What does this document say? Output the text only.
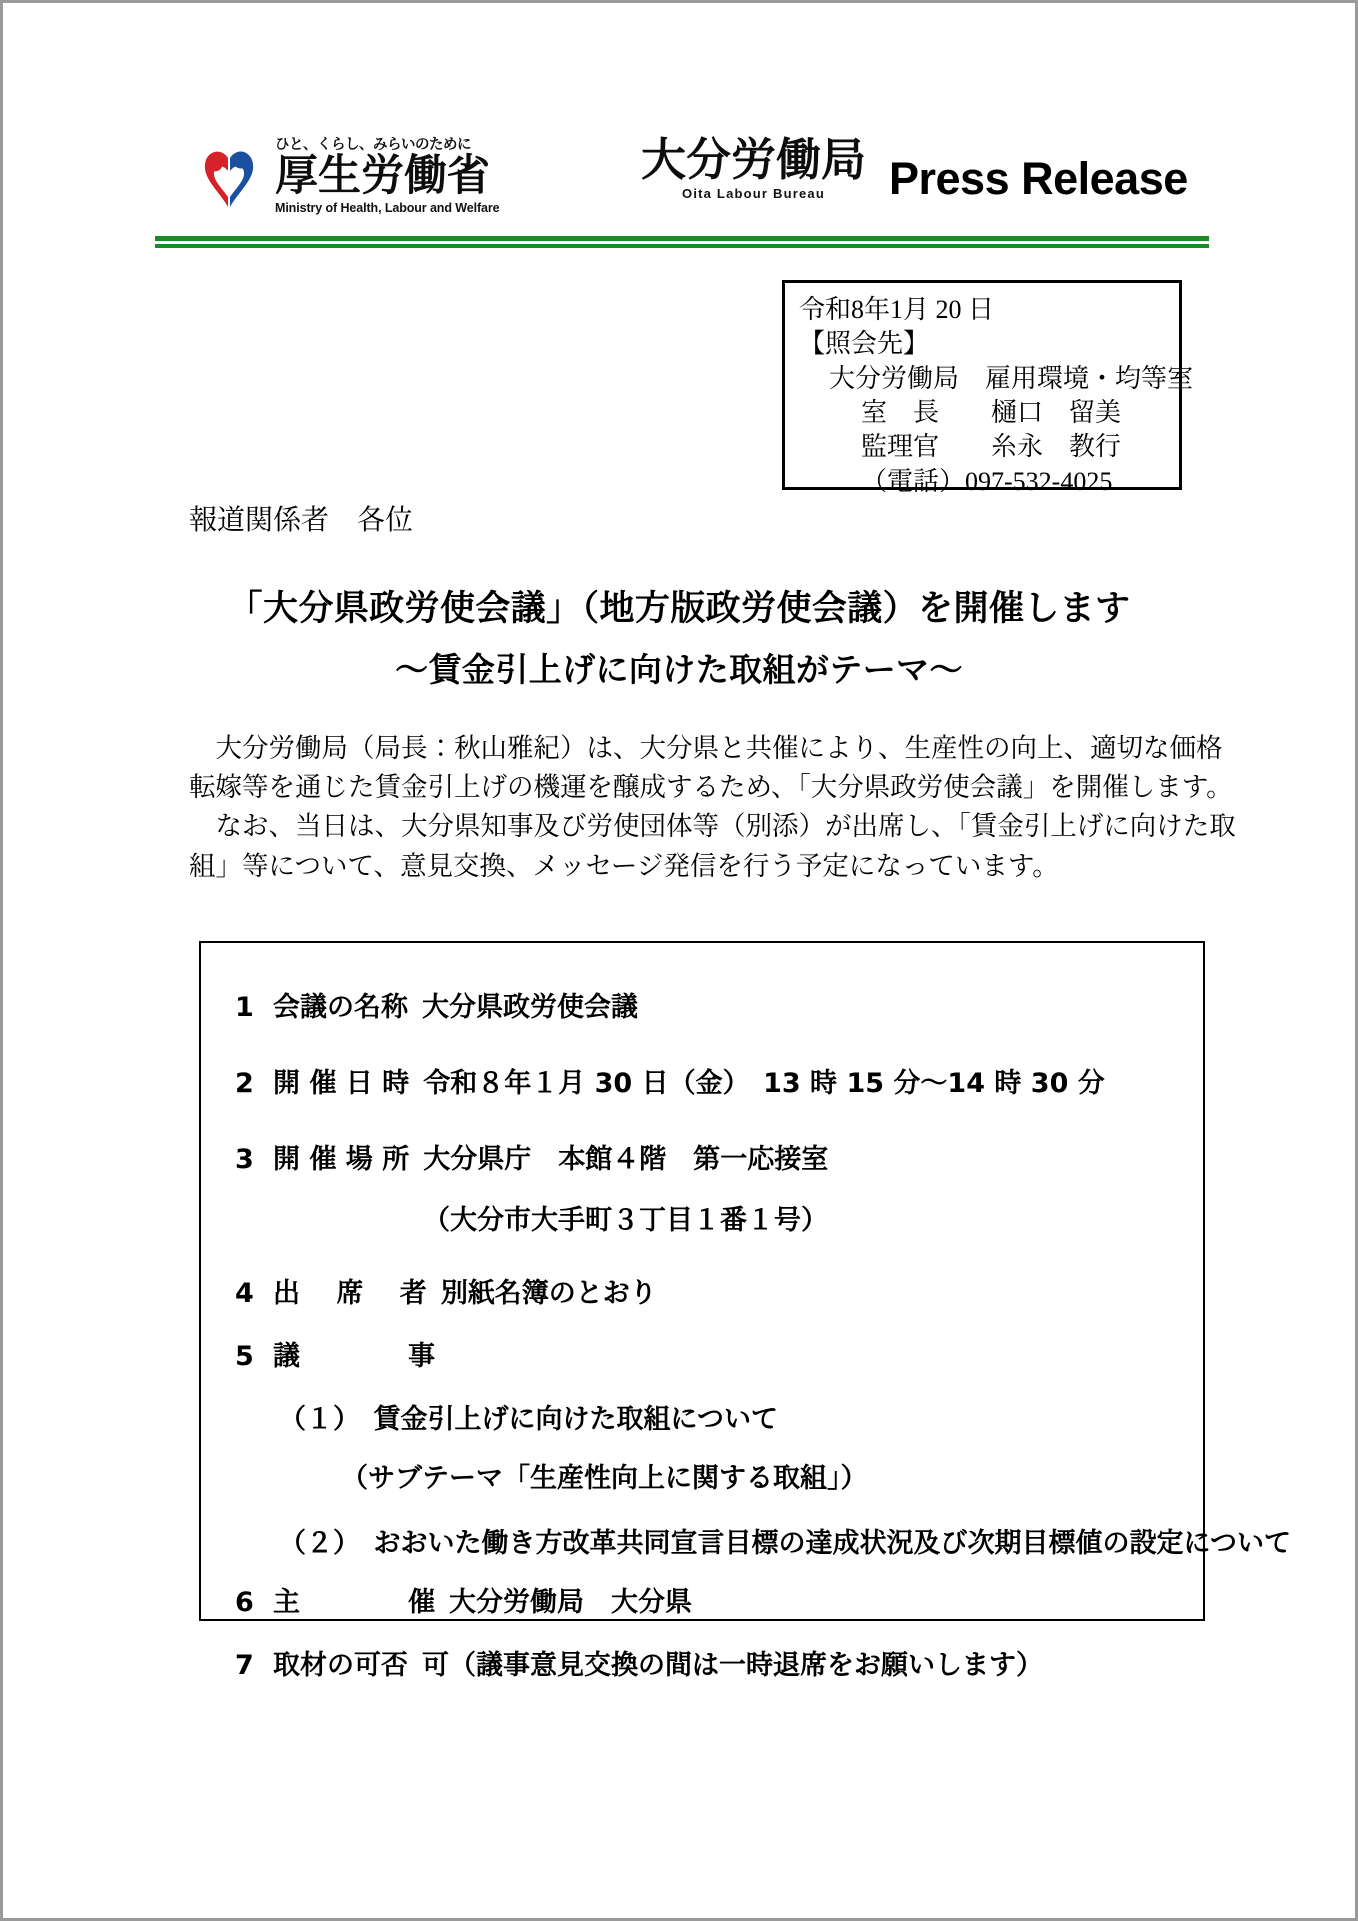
ひと、くらし、みらいのために
厚生労働省
Ministry of Health, Labour and Welfare
大分労働局
Oita Labour Bureau	Press Release
令和8年1月 20 日
【照会先】
大分労働局　雇用環境・均等室
室　長　　樋口　留美
監理官　　糸永　教行
（電話）097-532-4025
報道関係者　各位
「大分県政労使会議」（地方版政労使会議）を開催します
～賃金引上げに向けた取組がテーマ～

　大分労働局（局長：秋山雅紀）は、大分県と共催により、生産性の向上、適切な価格

転嫁等を通じた賃金引上げの機運を醸成するため、「大分県政労使会議」を開催します。

　なお、当日は、大分県知事及び労使団体等（別添）が出席し、「賃金引上げに向けた取

組」等について、意見交換、メッセージ発信を行う予定になっています。

1 会議の名称 大分県政労使会議
2 開 催 日 時 令和８年１月 30 日（金）　13 時 15 分～14 時 30 分
3 開 催 場 所 大分県庁　本館４階　第一応接室
（大分市大手町３丁目１番１号）
4 出　 席　 者 別紙名簿のとおり
5 議　　　　事
（１）　賃金引上げに向けた取組について
（サブテーマ「生産性向上に関する取組」）
（２）　おおいた働き方改革共同宣言目標の達成状況及び次期目標値の設定について
6 主　　　　催 大分労働局　大分県
7 取材の可否 可（議事意見交換の間は一時退席をお願いします）
